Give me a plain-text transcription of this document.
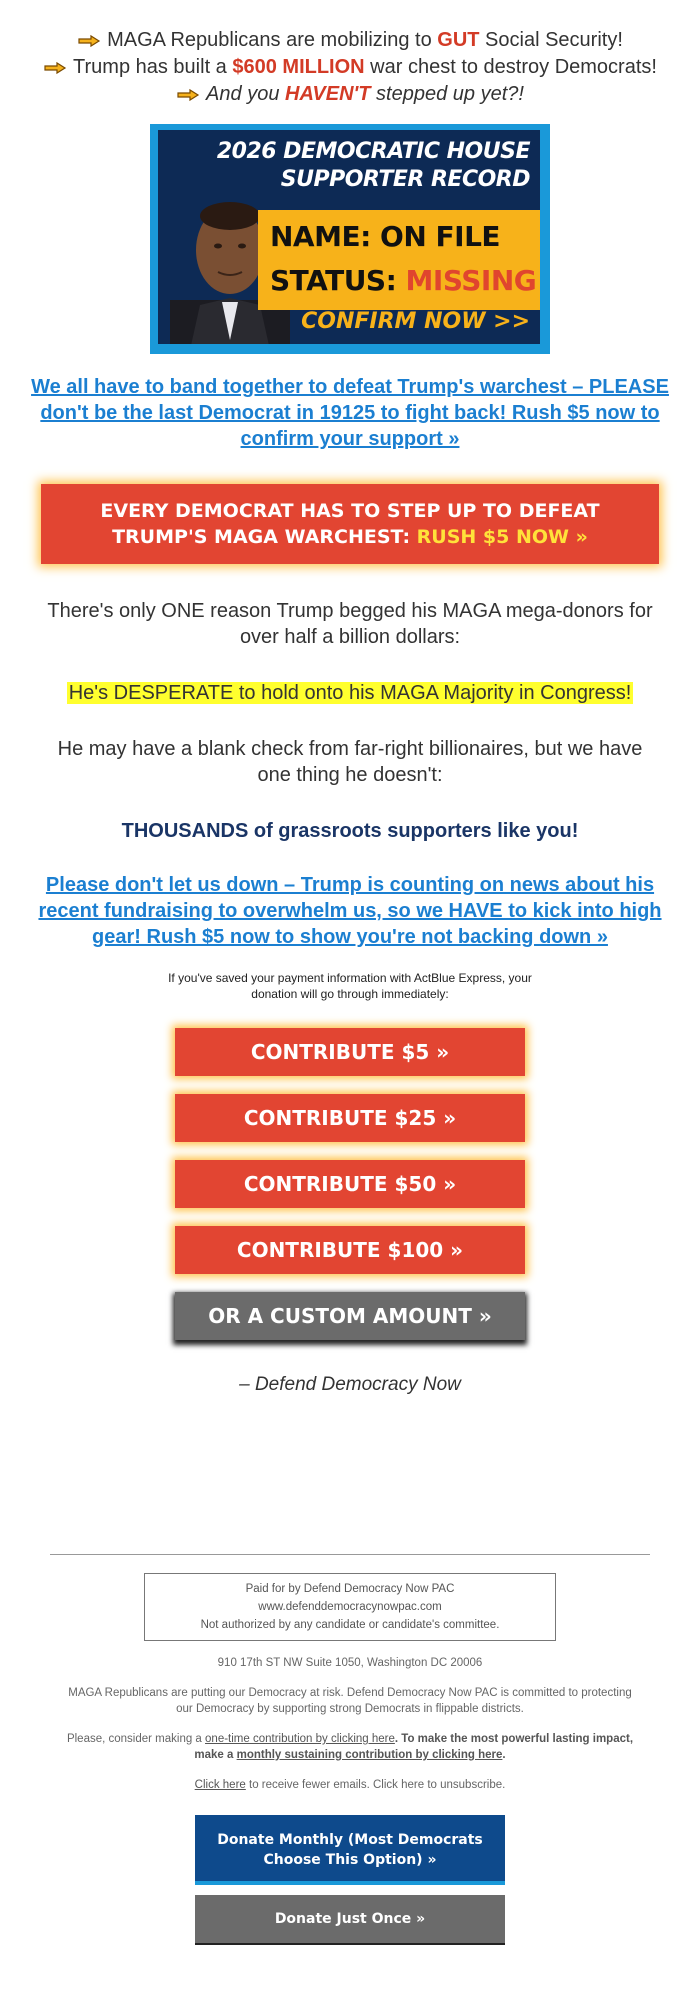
MAGA Republicans are mobilizing to GUT Social Security!
Trump has built a $600 MILLION war chest to destroy Democrats!
And you HAVEN'T stepped up yet?!
2026 DEMOCRATIC HOUSE
SUPPORTER RECORD
NAME: ON FILE
STATUS: MISSING
CONFIRM NOW >>
We all have to band together to defeat Trump's warchest – PLEASE don't be the last Democrat in 19125 to fight back! Rush $5 now to confirm your support »
EVERY DEMOCRAT HAS TO STEP UP TO DEFEAT TRUMP'S MAGA WARCHEST: RUSH $5 NOW »
There's only ONE reason Trump begged his MAGA mega-donors for over half a billion dollars:
He's DESPERATE to hold onto his MAGA Majority in Congress!
He may have a blank check from far-right billionaires, but we have one thing he doesn't:
THOUSANDS of grassroots supporters like you!
Please don't let us down – Trump is counting on news about his recent fundraising to overwhelm us, so we HAVE to kick into high gear! Rush $5 now to show you're not backing down »
If you've saved your payment information with ActBlue Express, your donation will go through immediately:
CONTRIBUTE $5 »
CONTRIBUTE $25 »
CONTRIBUTE $50 »
CONTRIBUTE $100 »
OR A CUSTOM AMOUNT »
– Defend Democracy Now
Paid for by Defend Democracy Now PAC
www.defenddemocracynowpac.com
Not authorized by any candidate or candidate's committee.
910 17th ST NW Suite 1050, Washington DC 20006
MAGA Republicans are putting our Democracy at risk. Defend Democracy Now PAC is committed to protecting our Democracy by supporting strong Democrats in flippable districts.
Please, consider making a one-time contribution by clicking here. To make the most powerful lasting impact, make a monthly sustaining contribution by clicking here.
Click here to receive fewer emails. Click here to unsubscribe.
Donate Monthly (Most Democrats Choose This Option) »
Donate Just Once »
